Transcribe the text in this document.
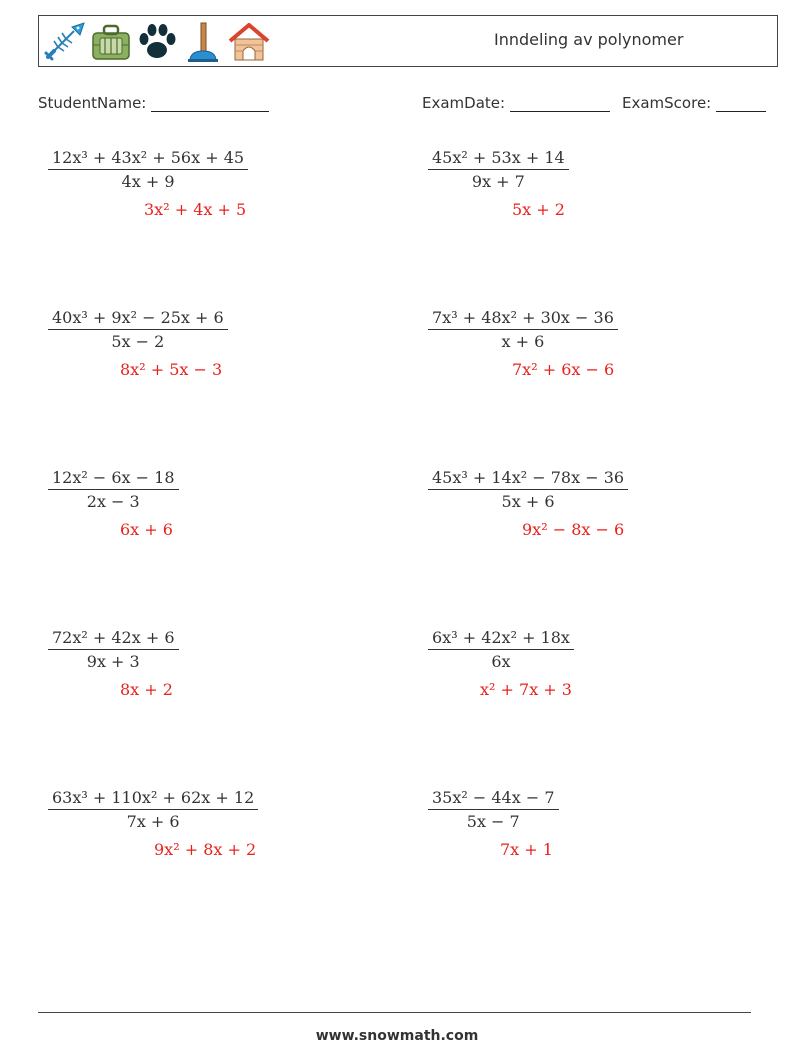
Inndeling av polynomer
StudentName:	ExamDate:	ExamScore:
$\frac{\text{12x³ + 43x² + 56x + 45}}{4x + 9}$
3x² + 4x + 5
$\frac{\text{45x² + 53x + 14}}{9x + 7}$
5x + 2
$\frac{\text{40x³ + 9x² − 25x + 6}}{5x - 2}$
8x² + 5x − 3
$\frac{\text{7x³ + 48x² + 30x − 36}}{x + 6}$
7x² + 6x − 6
$\frac{\text{12x² − 6x − 18}}{2x - 3}$
6x + 6
$\frac{\text{45x³ + 14x² − 78x − 36}}{5x + 6}$
9x² − 8x − 6
$\frac{\text{72x² + 42x + 6}}{9x + 3}$
8x + 2
$\frac{\text{6x³ + 42x² + 18x}}{6x}$
x² + 7x + 3
$\frac{\text{63x³ + 110x² + 62x + 12}}{7x + 6}$
9x² + 8x + 2
$\frac{\text{35x² − 44x − 7}}{5x - 7}$
7x + 1
www.snowmath.com
